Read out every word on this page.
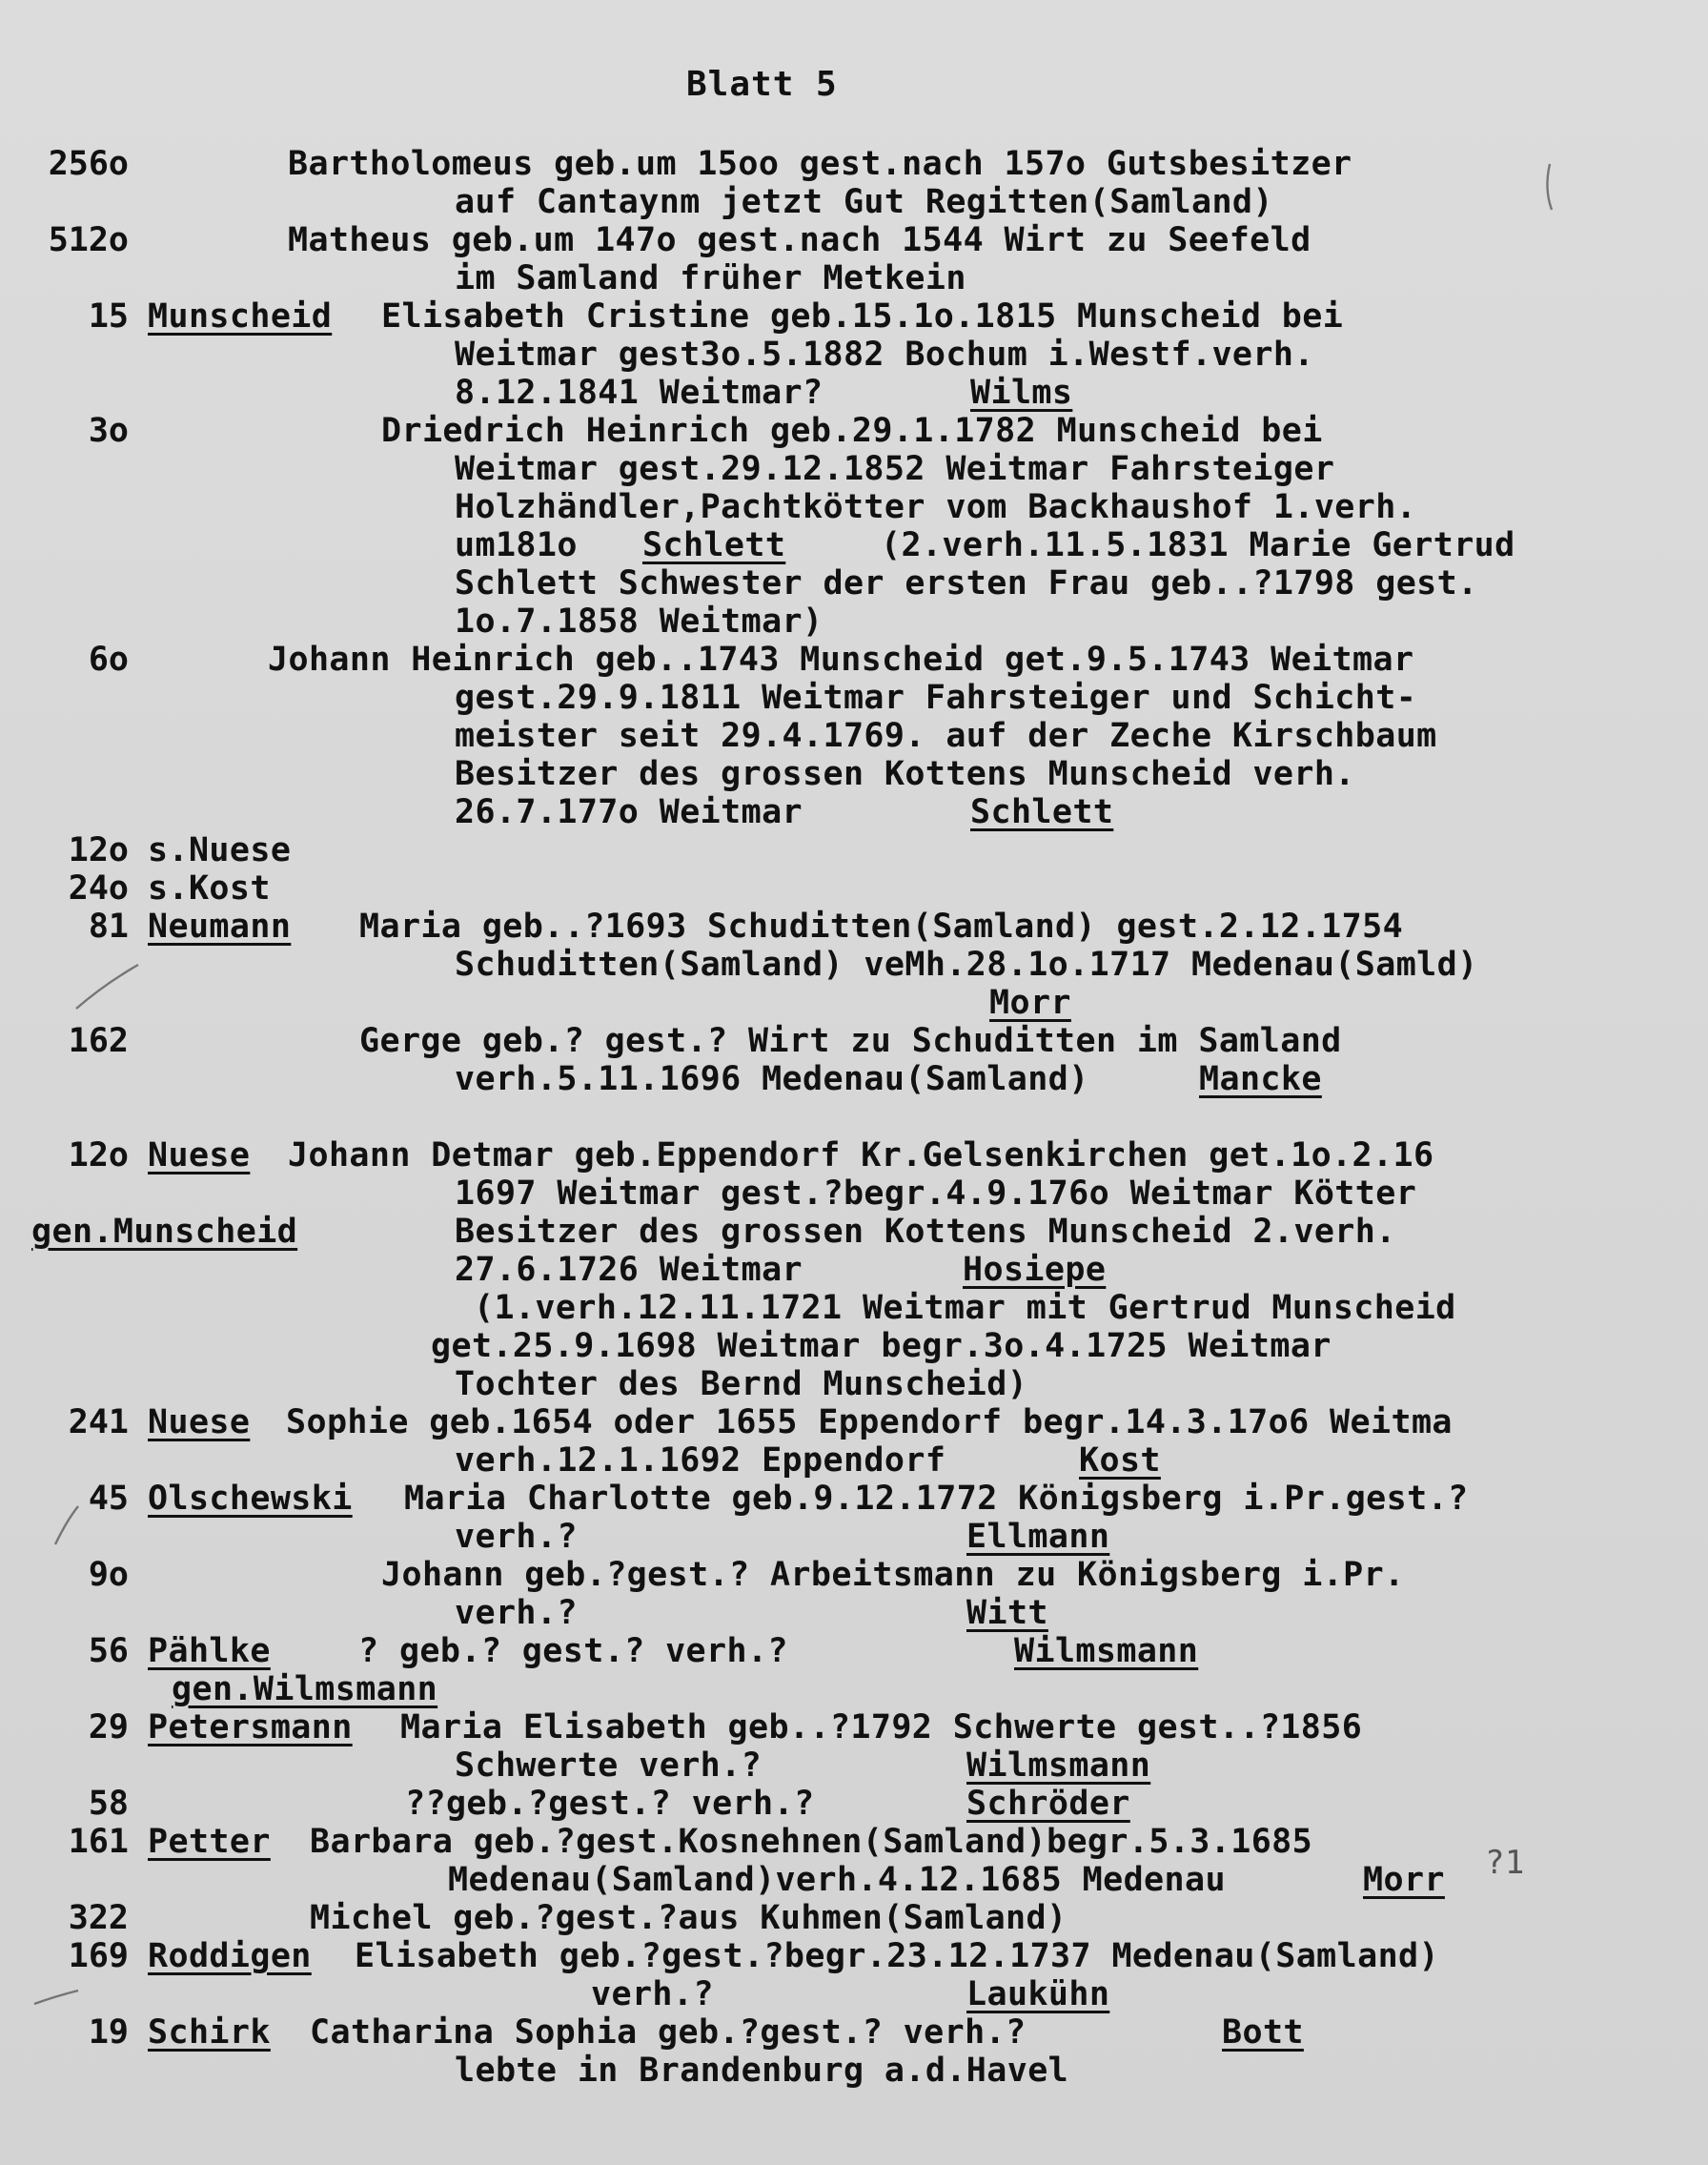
Blatt 5
256o	Bartholomeus geb.um 15oo gest.nach 157o Gutsbesitzer
auf Cantaynm jetzt Gut Regitten(Samland)
512o	Matheus geb.um 147o gest.nach 1544 Wirt zu Seefeld
im Samland früher Metkein
15 Munscheid Elisabeth Cristine geb.15.1o.1815 Munscheid bei
Weitmar gest3o.5.1882 Bochum i.Westf.verh.
8.12.1841 Weitmar?	Wilms
3o	Driedrich Heinrich geb.29.1.1782 Munscheid bei
Weitmar gest.29.12.1852 Weitmar Fahrsteiger
Holzhändler,Pachtkötter vom Backhaushof 1.verh.
um181o Schlett	(2.verh.11.5.1831 Marie Gertrud
Schlett Schwester der ersten Frau geb..?1798 gest.
1o.7.1858 Weitmar)
6o	Johann Heinrich geb..1743 Munscheid get.9.5.1743 Weitmar
gest.29.9.1811 Weitmar Fahrsteiger und Schicht-
meister seit 29.4.1769. auf der Zeche Kirschbaum
Besitzer des grossen Kottens Munscheid verh.
26.7.177o Weitmar	Schlett
12o s.Nuese
24o s.Kost
81 Neumann Maria geb..?1693 Schuditten(Samland) gest.2.12.1754
Schuditten(Samland) veMh.28.1o.1717 Medenau(Samld)
Morr
162	Gerge geb.? gest.? Wirt zu Schuditten im Samland
verh.5.11.1696 Medenau(Samland)	Mancke
12o Nuese Johann Detmar geb.Eppendorf Kr.Gelsenkirchen get.1o.2.16
1697 Weitmar gest.?begr.4.9.176o Weitmar Kötter
gen.Munscheid	Besitzer des grossen Kottens Munscheid 2.verh.
27.6.1726 Weitmar	Hosiepe
(1.verh.12.11.1721 Weitmar mit Gertrud Munscheid
get.25.9.1698 Weitmar begr.3o.4.1725 Weitmar
Tochter des Bernd Munscheid)
241 Nuese Sophie geb.1654 oder 1655 Eppendorf begr.14.3.17o6 Weitma
verh.12.1.1692 Eppendorf	Kost
45 Olschewski Maria Charlotte geb.9.12.1772 Königsberg i.Pr.gest.?
verh.?	Ellmann
9o	Johann geb.?gest.? Arbeitsmann zu Königsberg i.Pr.
verh.?	Witt
56 Pählke	? geb.? gest.? verh.?	Wilmsmann
gen.Wilmsmann
29 Petersmann Maria Elisabeth geb..?1792 Schwerte gest..?1856
Schwerte verh.?	Wilmsmann
58	??geb.?gest.? verh.?	Schröder
161 Petter Barbara geb.?gest.Kosnehnen(Samland)begr.5.3.1685
Medenau(Samland)verh.4.12.1685 Medenau	Morr
322	Michel geb.?gest.?aus Kuhmen(Samland)
169 Roddigen Elisabeth geb.?gest.?begr.23.12.1737 Medenau(Samland)
verh.?	Laukühn
19 Schirk Catharina Sophia geb.?gest.? verh.?	Bott
lebte in Brandenburg a.d.Havel
?1
